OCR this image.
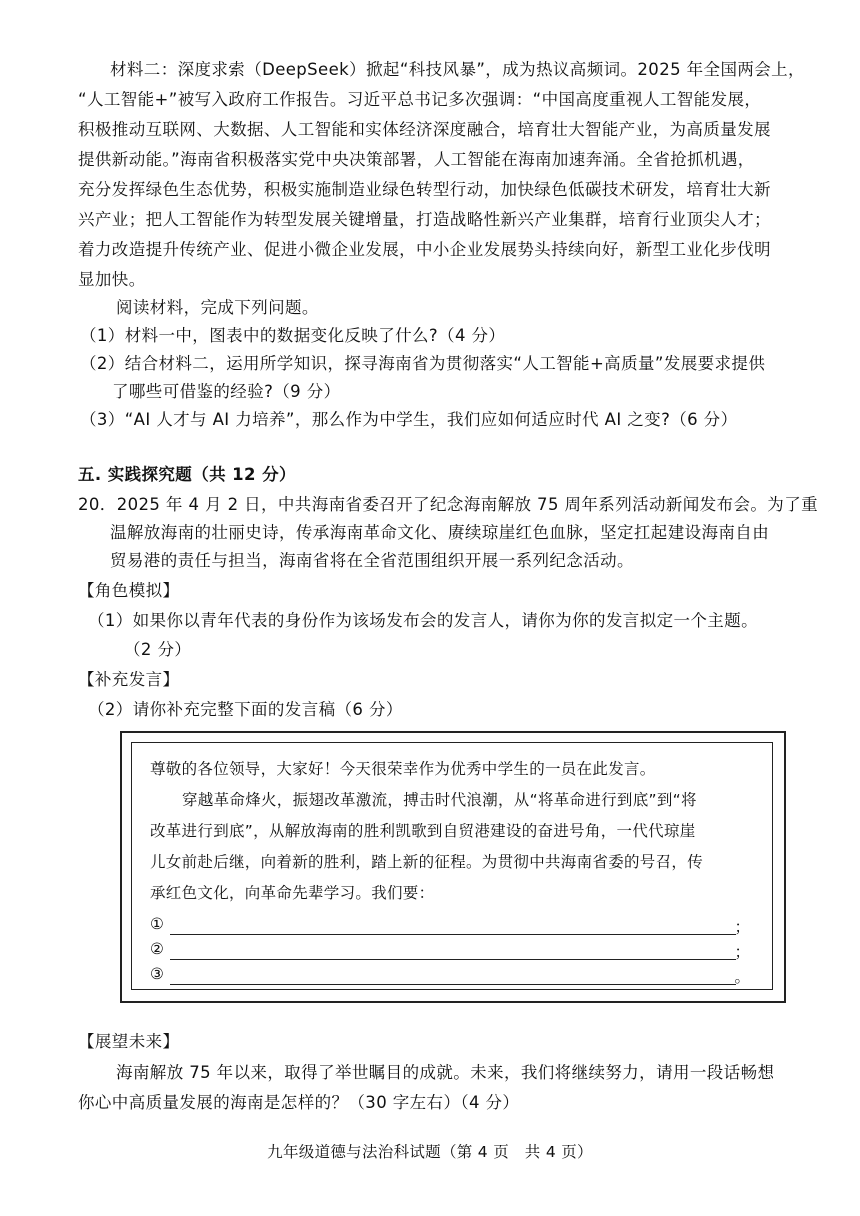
材料二：深度求索（DeepSeek）掀起“科技风暴”，成为热议高频词。2025 年全国两会上，
“人工智能+”被写入政府工作报告。习近平总书记多次强调：“中国高度重视人工智能发展，
积极推动互联网、大数据、人工智能和实体经济深度融合，培育壮大智能产业，为高质量发展
提供新动能。”海南省积极落实党中央决策部署，人工智能在海南加速奔涌。全省抢抓机遇，
充分发挥绿色生态优势，积极实施制造业绿色转型行动，加快绿色低碳技术研发，培育壮大新
兴产业；把人工智能作为转型发展关键增量，打造战略性新兴产业集群，培育行业顶尖人才；
着力改造提升传统产业、促进小微企业发展，中小企业发展势头持续向好，新型工业化步伐明
显加快。
阅读材料，完成下列问题。
（1）材料一中，图表中的数据变化反映了什么?（4 分）
（2）结合材料二，运用所学知识，探寻海南省为贯彻落实“人工智能+高质量”发展要求提供
了哪些可借鉴的经验?（9 分）
（3）“AI 人才与 AI 力培养”，那么作为中学生，我们应如何适应时代 AI 之变?（6 分）
五. 实践探究题（共 12 分）
20．2025 年 4 月 2 日，中共海南省委召开了纪念海南解放 75 周年系列活动新闻发布会。为了重
温解放海南的壮丽史诗，传承海南革命文化、赓续琼崖红色血脉，坚定扛起建设海南自由
贸易港的责任与担当，海南省将在全省范围组织开展一系列纪念活动。
【角色模拟】
（1）如果你以青年代表的身份作为该场发布会的发言人，请你为你的发言拟定一个主题。
（2 分）
【补充发言】
（2）请你补充完整下面的发言稿（6 分）
尊敬的各位领导，大家好！今天很荣幸作为优秀中学生的一员在此发言。
穿越革命烽火，振翅改革激流，搏击时代浪潮，从“将革命进行到底”到“将
改革进行到底”，从解放海南的胜利凯歌到自贸港建设的奋进号角，一代代琼崖
儿女前赴后继，向着新的胜利，踏上新的征程。为贯彻中共海南省委的号召，传
承红色文化，向革命先辈学习。我们要：
①	；
②	；
③	。
【展望未来】
海南解放 75 年以来，取得了举世瞩目的成就。未来，我们将继续努力，请用一段话畅想
你心中高质量发展的海南是怎样的？（30 字左右）（4 分）
九年级道德与法治科试题（第 4 页　共 4 页）
